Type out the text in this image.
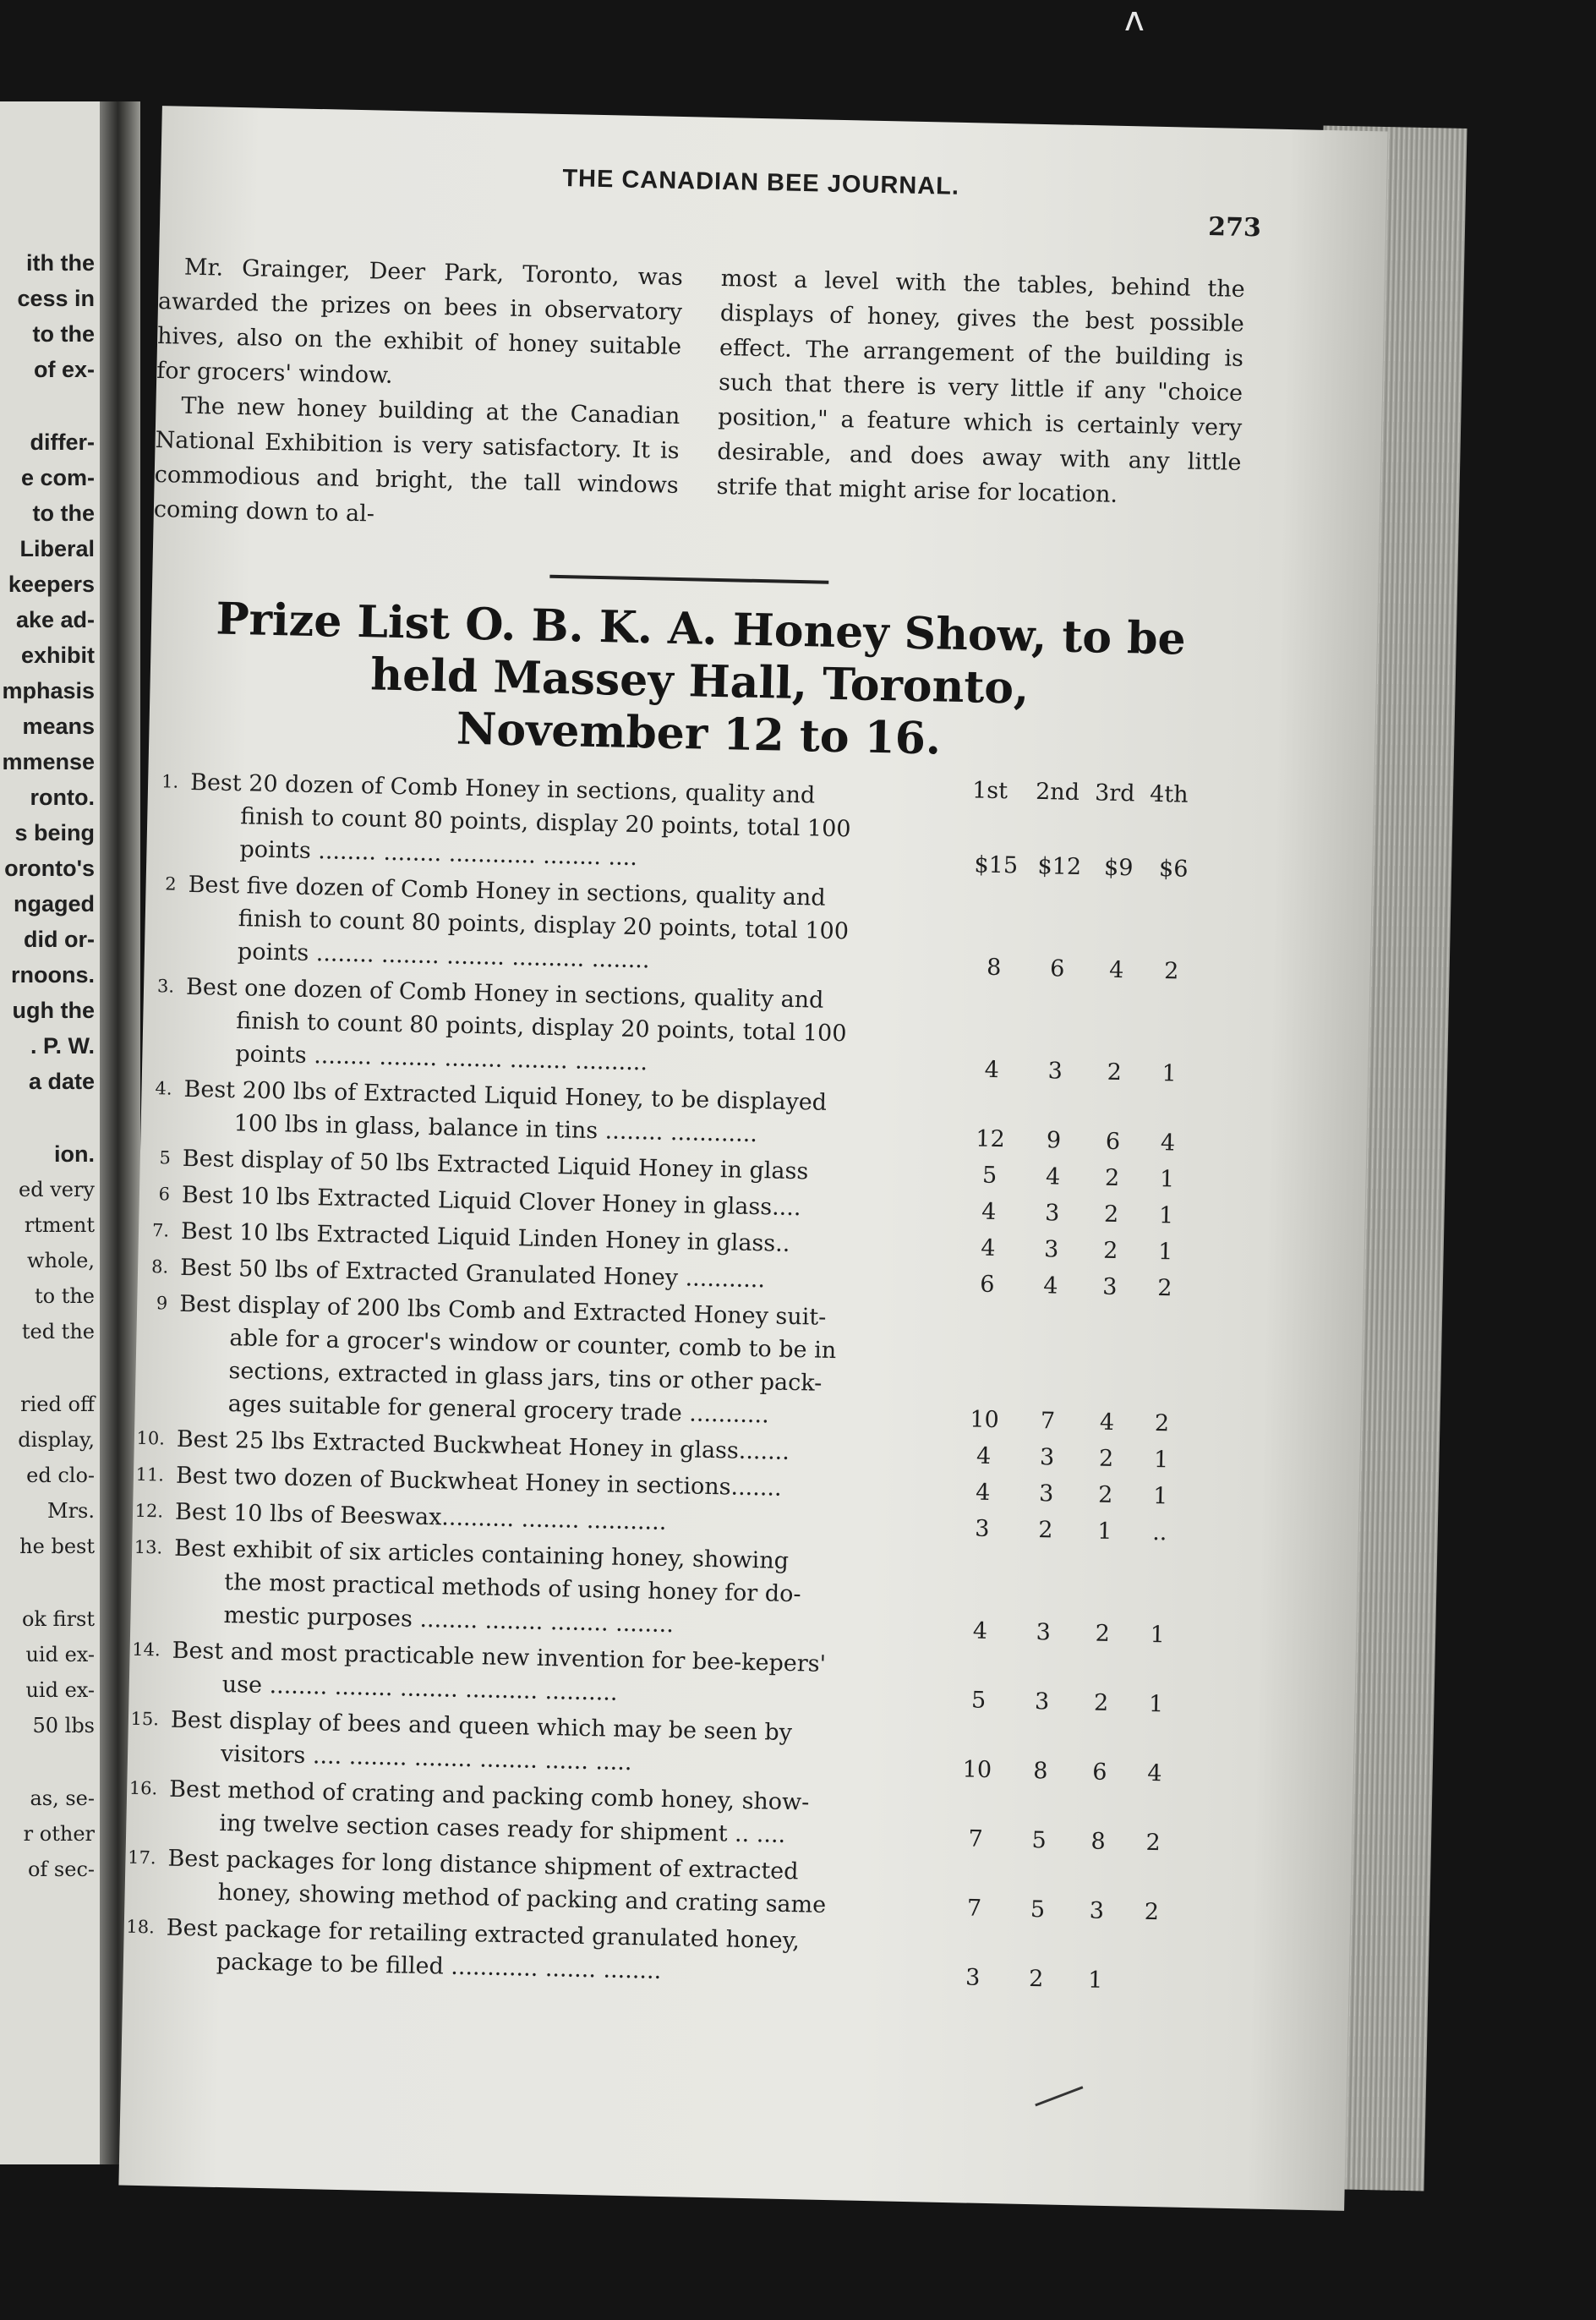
ᴧ
ith the
cess in
to the
of ex-
differ-
e com-
to the
Liberal
keepers
ake ad-
exhibit
mphasis
means
mmense
ronto.
s being
oronto's
ngaged
did or-
rnoons.
ugh the
. P. W.
a date
ion.
ed very
rtment
whole,
to the
ted the
ried off
display,
ed clo-
Mrs.
he best
ok first
uid ex-
uid ex-
50 lbs
as, se-
r other
of sec-
THE CANADIAN BEE JOURNAL.
273

Mr. Grainger, Deer Park, Toronto, was awarded the prizes on bees in observatory hives, also on the exhibit of honey suitable for grocers' window.

The new honey building at the Canadian National Exhibition is very satisfactory. It is commodious and bright, the tall windows coming down to al-

most a level with the tables, behind the displays of honey, gives the best possible effect. The arrangement of the building is such that there is very little if any "choice position," a feature which is certainly very desirable, and does away with any little strife that might arise for location.

Prize List O. B. K. A. Honey Show, to be
held Massey Hall, Toronto,
November 12 to 16.
1st 2nd 3rd 4th
1. Best 20 dozen of Comb Honey in sections, quality and
finish to count 80 points, display 20 points, total 100
points ........ ........ ............ ........ ....	$15 $12 $9	$6
2 Best five dozen of Comb Honey in sections, quality and
finish to count 80 points, display 20 points, total 100
points ........ ........ ........ .......... ........	8	6	4	2
3. Best one dozen of Comb Honey in sections, quality and
finish to count 80 points, display 20 points, total 100
points ........ ........ ........ ........ ..........	4	3	2	1
4. Best 200 lbs of Extracted Liquid Honey, to be displayed
100 lbs in glass, balance in tins ........ ............	12	9	6	4
5 Best display of 50 lbs Extracted Liquid Honey in glass	5	4	2	1
6 Best 10 lbs Extracted Liquid Clover Honey in glass....	4	3	2	1
7. Best 10 lbs Extracted Liquid Linden Honey in glass..	4	3	2	1
8. Best 50 lbs of Extracted Granulated Honey ...........	6	4	3	2
9 Best display of 200 lbs Comb and Extracted Honey suit-
able for a grocer's window or counter, comb to be in
sections, extracted in glass jars, tins or other pack-
ages suitable for general grocery trade ...........	10	7	4	2
10. Best 25 lbs Extracted Buckwheat Honey in glass.......	4	3	2	1
11. Best two dozen of Buckwheat Honey in sections.......	4	3	2	1
12. Best 10 lbs of Beeswax.......... ........ ...........	3	2	1	..
13. Best exhibit of six articles containing honey, showing
the most practical methods of using honey for do-
mestic purposes ........ ........ ........ ........	4	3	2	1
14. Best and most practicable new invention for bee-kepers'
use ........ ........ ........ .......... ..........	5	3	2	1
15. Best display of bees and queen which may be seen by
visitors .... ........ ........ ........ ...... .....	10	8	6	4
16. Best method of crating and packing comb honey, show-
ing twelve section cases ready for shipment .. ....	7	5	8	2
17. Best packages for long distance shipment of extracted
honey, showing method of packing and crating same	7	5	3	2
18. Best package for retailing extracted granulated honey,
package to be filled ............ ....... ........	3	2	1
